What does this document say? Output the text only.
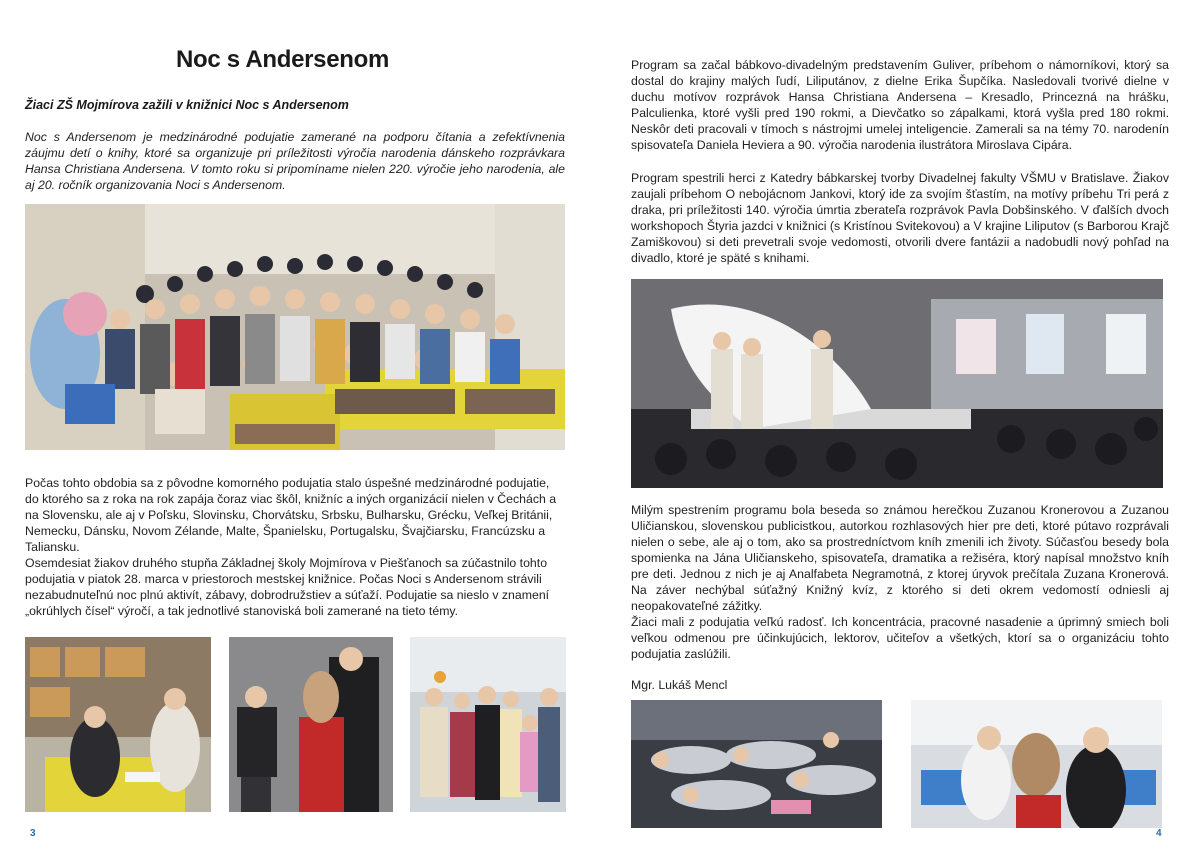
Noc s Andersenom
Žiaci ZŠ Mojmírova zažili v knižnici Noc s Andersenom
Noc s Andersenom je medzinárodné podujatie zamerané na podporu čítania a zefektívnenia záujmu detí o knihy, ktoré sa organizuje pri príležitosti výročia narodenia dánskeho rozprávkara Hansa Christiana Andersena. V tomto roku si pripomíname nielen 220. výročie jeho narodenia, ale aj 20. ročník organizovania Noci s Andersenom.
Počas tohto obdobia sa z pôvodne komorného podujatia stalo úspešné medzinárodné podujatie, do ktorého sa z roka na rok zapája čoraz viac škôl, knižníc a iných organizácií nielen v Čechách a na Slovensku, ale aj v Poľsku, Slovinsku, Chorvátsku, Srbsku, Bulharsku, Grécku, Veľkej Británii, Nemecku, Dánsku, Novom Zélande, Malte, Španielsku, Portugalsku, Švajčiarsku, Francúzsku a Taliansku.
Osemdesiat žiakov druhého stupňa Základnej školy Mojmírova v Piešťanoch sa zúčastnilo tohto podujatia v piatok 28. marca v priestoroch mestskej knižnice. Počas Noci s Andersenom strávili nezabudnuteľnú noc plnú aktivít, zábavy, dobrodružstiev a súťaží. Podujatie sa nieslo v znamení „okrúhlych čísel“ výročí, a tak jednotlivé stanoviská boli zamerané na tieto témy.
3
Program sa začal bábkovo-divadelným predstavením Guliver, príbehom o námorníkovi, ktorý sa dostal do krajiny malých ľudí, Liliputánov, z dielne Erika Šupčíka. Nasledovali tvorivé dielne v duchu motívov rozprávok Hansa Christiana Andersena – Kresadlo, Princezná na hrášku, Palculienka, ktoré vyšli pred 190 rokmi, a Dievčatko so zápalkami, ktorá vyšla pred 180 rokmi. Neskôr deti pracovali v tímoch s nástrojmi umelej inteligencie. Zamerali sa na témy 70. narodenín spisovateľa Daniela Heviera a 90. výročia narodenia ilustrátora Miroslava Cipára.
Program spestrili herci z Katedry bábkarskej tvorby Divadelnej fakulty VŠMU v Bratislave. Žiakov zaujali príbehom O nebojácnom Jankovi, ktorý ide za svojím šťastím, na motívy príbehu Tri perá z draka, pri príležitosti 140. výročia úmrtia zberateľa rozprávok Pavla Dobšinského. V ďalších dvoch workshopoch Štyria jazdci v knižnici (s Kristínou Svitekovou) a V krajine Liliputov (s Barborou Krajč Zamiškovou) si deti prevetrali svoje vedomosti, otvorili dvere fantázii a nadobudli nový pohľad na divadlo, ktoré je späté s knihami.
Milým spestrením programu bola beseda so známou herečkou Zuzanou Kronerovou a Zuzanou Uličianskou, slovenskou publicistkou, autorkou rozhlasových hier pre deti, ktoré pútavo rozprávali nielen o sebe, ale aj o tom, ako sa prostredníctvom kníh zmenili ich životy. Súčasťou besedy bola spomienka na Jána Uličianskeho, spisovateľa, dramatika a režiséra, ktorý napísal množstvo kníh pre deti. Jednou z nich je aj Analfabeta Negramotná, z ktorej úryvok prečítala Zuzana Kronerová. Na záver nechýbal súťažný Knižný kvíz, z ktorého si deti okrem vedomostí odniesli aj neopakovateľné zážitky.
Žiaci mali z podujatia veľkú radosť. Ich koncentrácia, pracovné nasadenie a úprimný smiech boli veľkou odmenou pre účinkujúcich, lektorov, učiteľov a všetkých, ktorí sa o organizáciu tohto podujatia zaslúžili.
Mgr. Lukáš Mencl
4
